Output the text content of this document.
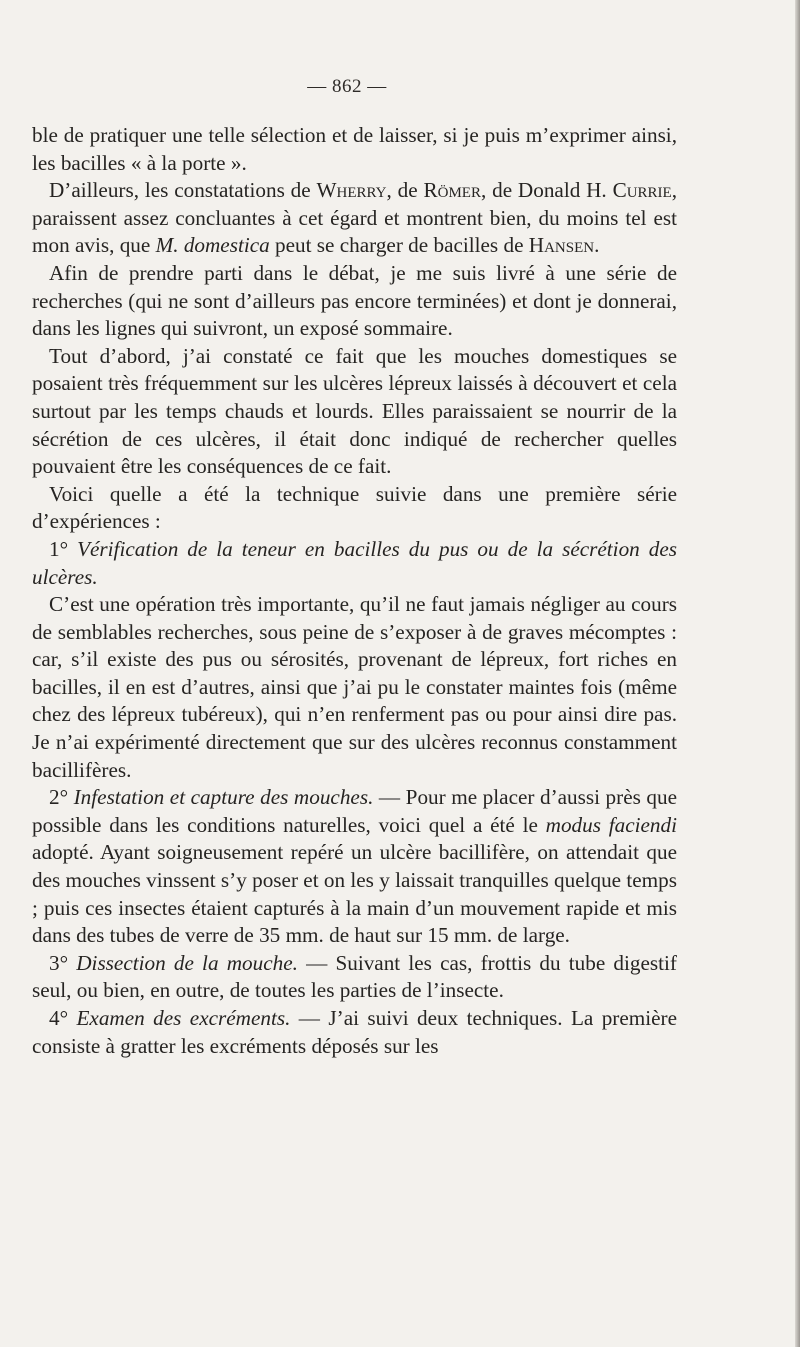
— 862 —

ble de pratiquer une telle sélection et de laisser, si je puis m’exprimer ainsi, les bacilles « à la porte ».

D’ailleurs, les constatations de Wherry, de Römer, de Donald H. Currie, paraissent assez concluantes à cet égard et montrent bien, du moins tel est mon avis, que M. domestica peut se charger de bacilles de Hansen.

Afin de prendre parti dans le débat, je me suis livré à une série de recherches (qui ne sont d’ailleurs pas encore terminées) et dont je donnerai, dans les lignes qui suivront, un exposé sommaire.

Tout d’abord, j’ai constaté ce fait que les mouches domestiques se posaient très fréquemment sur les ulcères lépreux laissés à découvert et cela surtout par les temps chauds et lourds. Elles paraissaient se nourrir de la sécrétion de ces ulcères, il était donc indiqué de rechercher quelles pouvaient être les conséquences de ce fait.

Voici quelle a été la technique suivie dans une première série d’expériences :

1° Vérification de la teneur en bacilles du pus ou de la sécrétion des ulcères.

C’est une opération très importante, qu’il ne faut jamais négliger au cours de semblables recherches, sous peine de s’exposer à de graves mécomptes : car, s’il existe des pus ou sérosités, provenant de lépreux, fort riches en bacilles, il en est d’autres, ainsi que j’ai pu le constater maintes fois (même chez des lépreux tubéreux), qui n’en renferment pas ou pour ainsi dire pas. Je n’ai expérimenté directement que sur des ulcères reconnus constamment bacillifères.

2° Infestation et capture des mouches. — Pour me placer d’aussi près que possible dans les conditions naturelles, voici quel a été le modus faciendi adopté. Ayant soigneusement repéré un ulcère bacillifère, on attendait que des mouches vinssent s’y poser et on les y laissait tranquilles quelque temps ; puis ces insectes étaient capturés à la main d’un mouvement rapide et mis dans des tubes de verre de 35 mm. de haut sur 15 mm. de large.

3° Dissection de la mouche. — Suivant les cas, frottis du tube digestif seul, ou bien, en outre, de toutes les parties de l’insecte.

4° Examen des excréments. — J’ai suivi deux techniques. La première consiste à gratter les excréments déposés sur les
